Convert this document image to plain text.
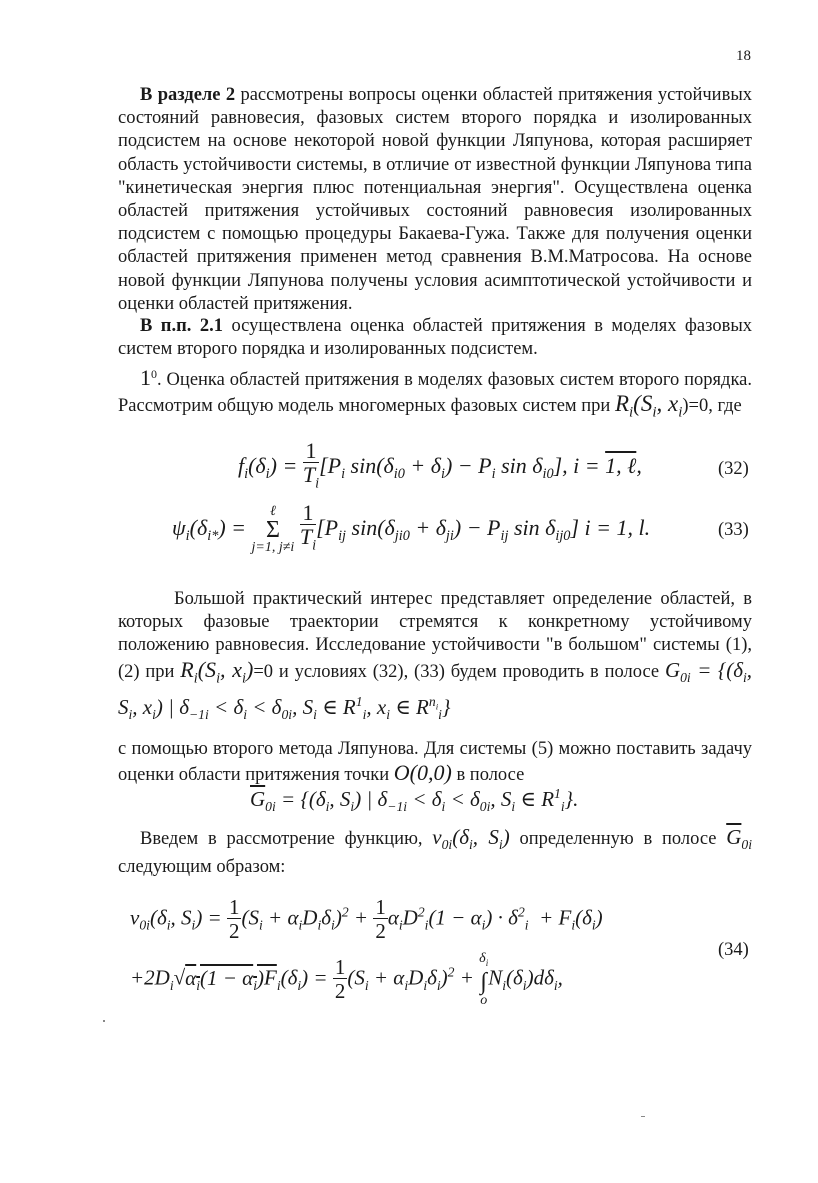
18

В разделе 2 рассмотрены вопросы оценки областей притяжения устойчивых состояний равновесия, фазовых систем второго порядка и изолированных подсистем на основе некоторой новой функции Ляпунова, которая расширяет область устойчивости системы, в отличие от известной функции Ляпунова типа "кинетическая энергия плюс потенциальная энергия". Осуществлена оценка областей притяжения устойчивых состояний равновесия изолированных подсистем с помощью процедуры Бакаева-Гужа. Также для получения оценки областей притяжения применен метод сравнения В.М.Матросова. На основе новой функции Ляпунова получены условия асимптотической устойчивости и оценки областей притяжения.

В п.п. 2.1 осуществлена оценка областей притяжения в моделях фазовых систем второго порядка и изолированных подсистем.

$1^0$. Оценка областей притяжения в моделях фазовых систем второго порядка. Рассмотрим общую модель многомерных фазовых систем при $R_i(S_i$, $x_i)=0$, где

$f_i(\delta_i) = \frac{1}{T_i} [P_i$ $\sin(\delta_{i0} + \delta_i) - P_i$ $\sin \delta_{i0}$], i = 1, ℓ,	(32)
$\psi_i(\delta_{i*})$ =
ℓ
Σ
j=1, j≠i
$\frac{1}{T_i} [P_{ij}$ $\sin(\delta_{ji0} + \delta_{ji}) - P_{ij}$ $\sin \delta_{ij0}$] i = 1, l.	(33)

Большой практический интерес представляет определение областей, в которых фазовые траектории стремятся к конкретному устойчивому положению равновесия. Исследование устойчивости "в большом" системы (1),(2) при $R_i(S_i$, $x_i)=0$ и условиях (32), (33) будем проводить в полосе $G_{0i} = \{(\delta_i$, $S_i$, $x_i$) | $\delta_{-1i} < \delta_i < \delta_{0i}$, $S_i$ ∈ $R^1_i$, $x_i$ ∈ $R^{n_i}_i$}

с помощью второго метода Ляпунова. Для системы (5) можно поставить задачу оценки области притяжения точки O(0,0) в полосе

$\overline{G}_{0i} = \{(\delta_i$, $S_i$) | $\delta_{-1i} < \delta_i < \delta_{0i}$, $S_i$ ∈ $R^1_i$}.

Введем в рассмотрение функцию, $v_{0i}(\delta_i$, $S_i$) определенную в полосе $\overline{G}_{0i}$ следующим образом:

$v_{0i}(\delta_i$, $S_i) = \frac{1}{2} (S_i + \alpha_iD_i\delta_i)^2 + \frac{1}{2} \alpha_iD^2_i(1 - \alpha_i) \cdot \delta^2_i + F_i(\delta_i)$
$+2D_i√\alpha_i(1 - \alpha_i)\overline{F}_i(\delta_i) = \frac{1}{2} (S_i + \alpha_iD_i\delta_i)^2$ +
$\delta_i$
∫
o
$N_i(\delta_i)d\delta_i$,
(34)
